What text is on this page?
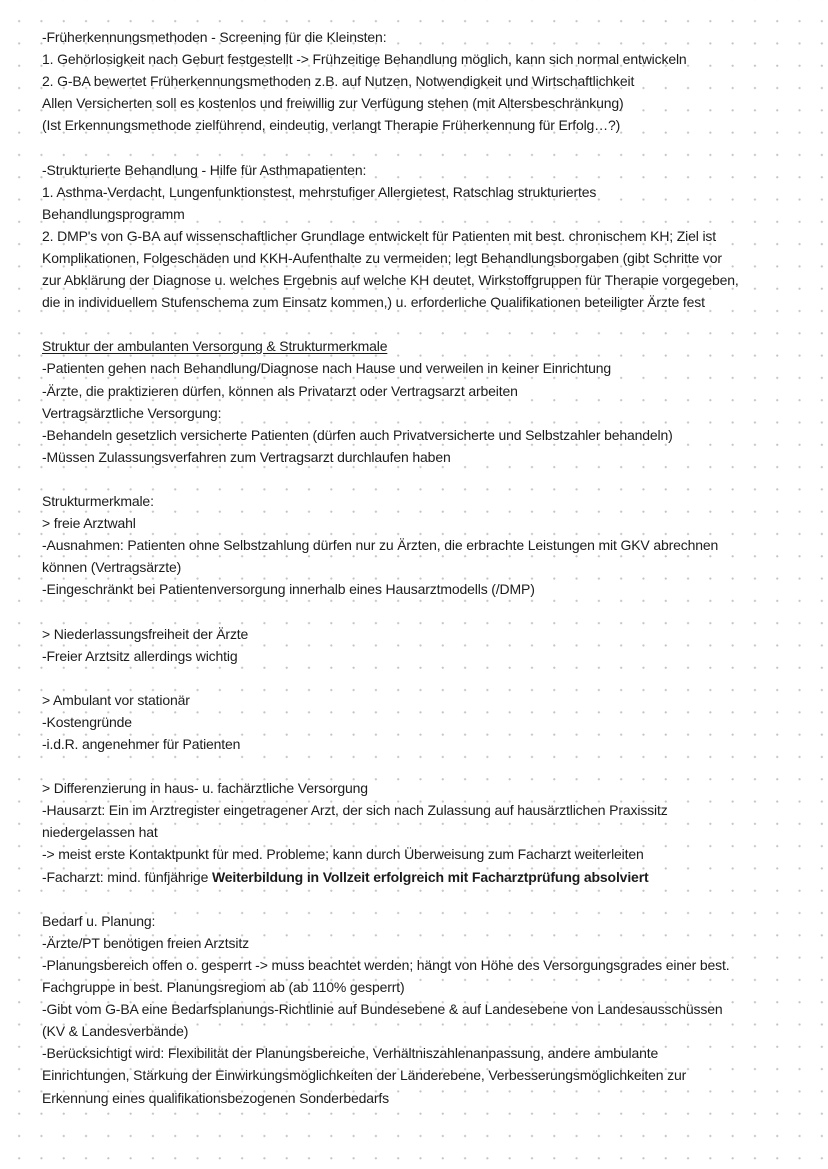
-Früherkennungsmethoden - Screening für die Kleinsten:
1. Gehörlosigkeit nach Geburt festgestellt -> Frühzeitige Behandlung möglich, kann sich normal entwickeln
2. G-BA bewertet Früherkennungsmethoden z.B. auf Nutzen, Notwendigkeit und Wirtschaftlichkeit
Allen Versicherten soll es kostenlos und freiwillig zur Verfügung stehen (mit Altersbeschränkung)
(Ist Erkennungsmethode zielführend, eindeutig, verlangt Therapie Früherkennung für Erfolg…?)
-Strukturierte Behandlung - Hilfe für Asthmapatienten:
1. Asthma-Verdacht, Lungenfunktionstest, mehrstufiger Allergietest, Ratschlag strukturiertes
Behandlungsprogramm
2. DMP's von G-BA auf wissenschaftlicher Grundlage entwickelt für Patienten mit best. chronischem KH; Ziel ist
Komplikationen, Folgeschäden und KKH-Aufenthalte zu vermeiden; legt Behandlungsborgaben (gibt Schritte vor
zur Abklärung der Diagnose u. welches Ergebnis auf welche KH deutet, Wirkstoffgruppen für Therapie vorgegeben,
die in individuellem Stufenschema zum Einsatz kommen,) u. erforderliche Qualifikationen beteiligter Ärzte fest
Struktur der ambulanten Versorgung & Strukturmerkmale
-Patienten gehen nach Behandlung/Diagnose nach Hause und verweilen in keiner Einrichtung
-Ärzte, die praktizieren dürfen, können als Privatarzt oder Vertragsarzt arbeiten
Vertragsärztliche Versorgung:
-Behandeln gesetzlich versicherte Patienten (dürfen auch Privatversicherte und Selbstzahler behandeln)
-Müssen Zulassungsverfahren zum Vertragsarzt durchlaufen haben
Strukturmerkmale:
> freie Arztwahl
-Ausnahmen: Patienten ohne Selbstzahlung dürfen nur zu Ärzten, die erbrachte Leistungen mit GKV abrechnen
können (Vertragsärzte)
-Eingeschränkt bei Patientenversorgung innerhalb eines Hausarztmodells (/DMP)
> Niederlassungsfreiheit der Ärzte
-Freier Arztsitz allerdings wichtig
> Ambulant vor stationär
-Kostengründe
-i.d.R. angenehmer für Patienten
> Differenzierung in haus- u. fachärztliche Versorgung
-Hausarzt: Ein im Arztregister eingetragener Arzt, der sich nach Zulassung auf hausärztlichen Praxissitz
niedergelassen hat
-> meist erste Kontaktpunkt für med. Probleme; kann durch Überweisung zum Facharzt weiterleiten
-Facharzt: mind. fünfjährige Weiterbildung in Vollzeit erfolgreich mit Facharztprüfung absolviert
Bedarf u. Planung:
-Ärzte/PT benötigen freien Arztsitz
-Planungsbereich offen o. gesperrt -> muss beachtet werden; hängt von Höhe des Versorgungsgrades einer best.
Fachgruppe in best. Planungsregiom ab (ab 110% gesperrt)
-Gibt vom G-BA eine Bedarfsplanungs-Richtlinie auf Bundesebene & auf Landesebene von Landesausschüssen
(KV & Landesverbände)
-Berücksichtigt wird: Flexibilität der Planungsbereiche, Verhältniszahlenanpassung, andere ambulante
Einrichtungen, Stärkung der Einwirkungsmöglichkeiten der Länderebene, Verbesserungsmöglichkeiten zur
Erkennung eines qualifikationsbezogenen Sonderbedarfs
